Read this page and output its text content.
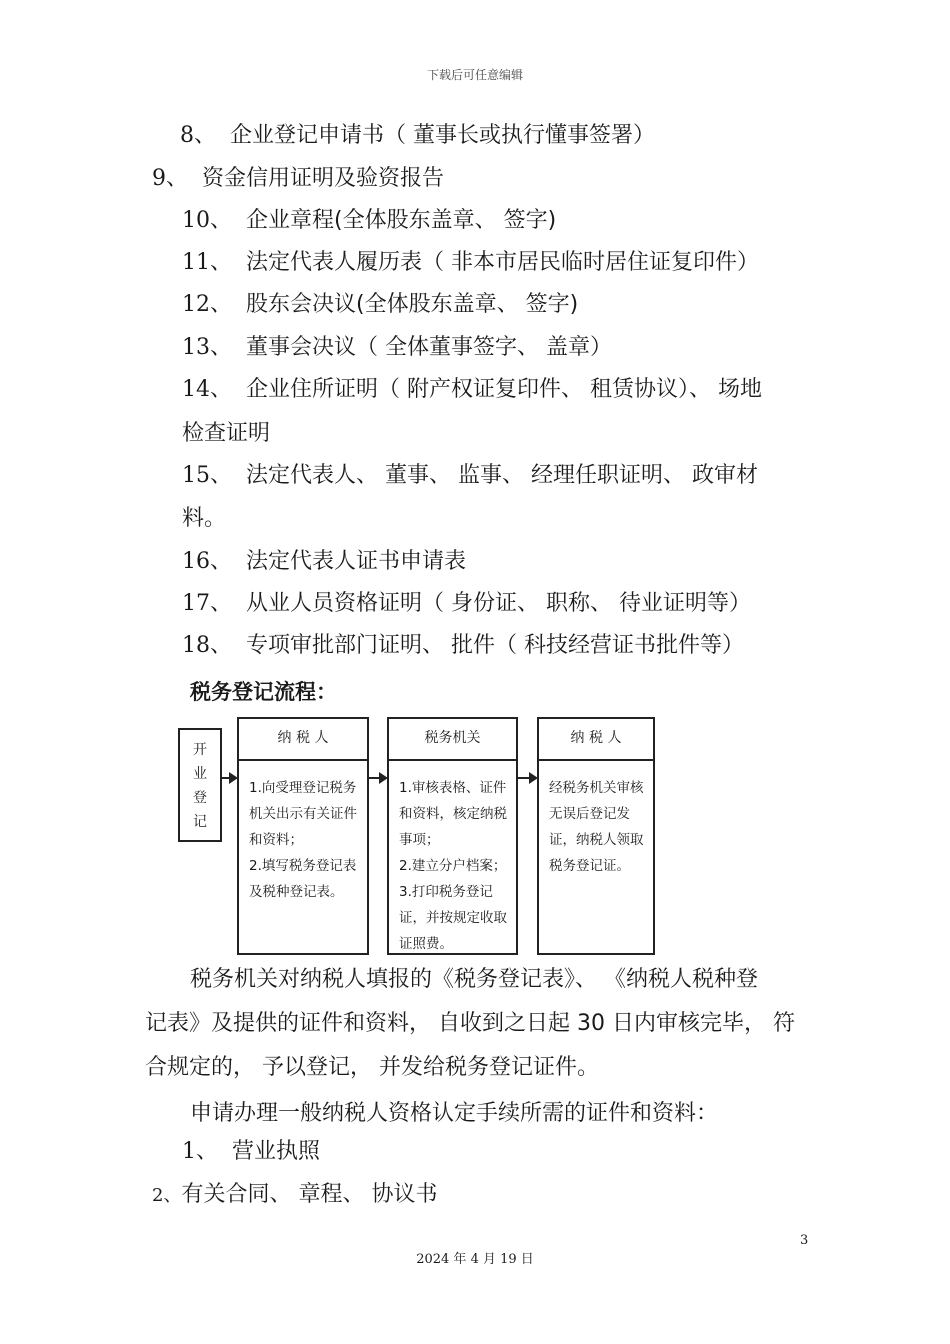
下载后可任意编辑
8、 企业登记申请书（ 董事长或执行懂事签署）
9、 资金信用证明及验资报告
10、 企业章程(全体股东盖章、 签字)
11、 法定代表人履历表（ 非本市居民临时居住证复印件）
12、 股东会决议(全体股东盖章、 签字)
13、 董事会决议（ 全体董事签字、 盖章）
14、 企业住所证明（ 附产权证复印件、 租赁协议）、 场地
检查证明
15、 法定代表人、 董事、 监事、 经理任职证明、 政审材
料。
16、 法定代表人证书申请表
17、 从业人员资格证明（ 身份证、 职称、 待业证明等）
18、 专项审批部门证明、 批件（ 科技经营证书批件等）
税务登记流程：
开
业
登
记
纳 税 人

1.向受理登记税务机关出示有关证件和资料；

2.填写税务登记表及税种登记表。

税务机关

1.审核表格、证件和资料，核定纳税事项；

2.建立分户档案；

3.打印税务登记证，并按规定收取证照费。

纳 税 人

经税务机关审核无误后登记发证，纳税人领取税务登记证。

税务机关对纳税人填报的《税务登记表》、 《纳税人税种登
记表》及提供的证件和资料， 自收到之日起 30 日内审核完毕， 符
合规定的， 予以登记， 并发给税务登记证件。
申请办理一般纳税人资格认定手续所需的证件和资料：
1、 营业执照
2、有关合同、 章程、 协议书
3
2024 年 4 月 19 日
